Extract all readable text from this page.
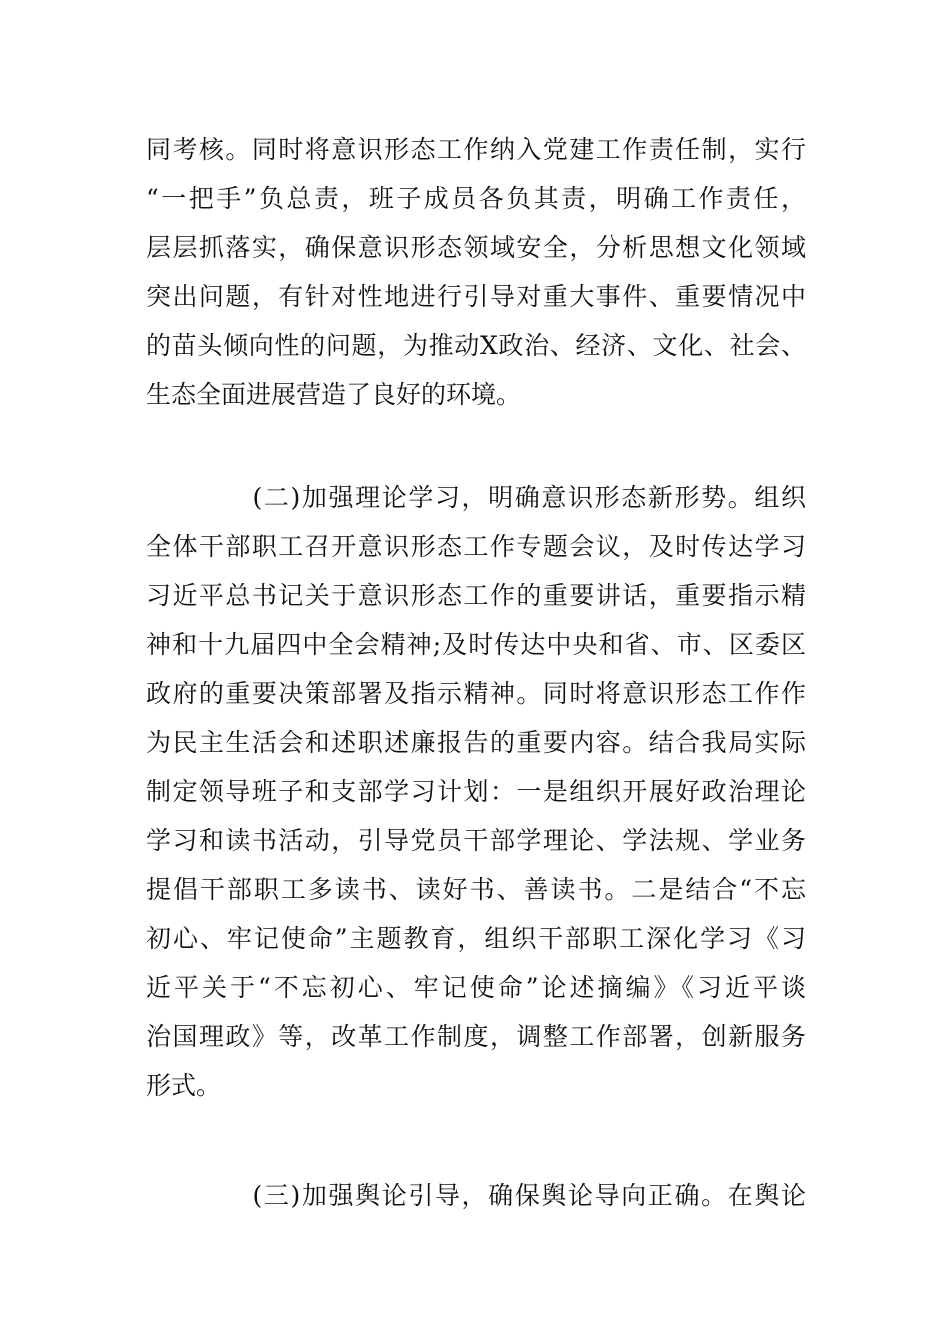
同考核。同时将意识形态工作纳入党建工作责任制，实行
“一把手”负总责，班子成员各负其责，明确工作责任，
层层抓落实，确保意识形态领域安全，分析思想文化领域
突出问题，有针对性地进行引导对重大事件、重要情况中
的苗头倾向性的问题，为推动X政治、经济、文化、社会、
生态全面进展营造了良好的环境。
　　　　(二)加强理论学习，明确意识形态新形势。组织
全体干部职工召开意识形态工作专题会议，及时传达学习
习近平总书记关于意识形态工作的重要讲话，重要指示精
神和十九届四中全会精神;及时传达中央和省、市、区委区
政府的重要决策部署及指示精神。同时将意识形态工作作
为民主生活会和述职述廉报告的重要内容。结合我局实际
制定领导班子和支部学习计划：一是组织开展好政治理论
学习和读书活动，引导党员干部学理论、学法规、学业务
提倡干部职工多读书、读好书、善读书。二是结合“不忘
初心、牢记使命”主题教育，组织干部职工深化学习《习
近平关于“不忘初心、牢记使命”论述摘编》《习近平谈
治国理政》等，改革工作制度，调整工作部署，创新服务
形式。
　　　　(三)加强舆论引导，确保舆论导向正确。在舆论
